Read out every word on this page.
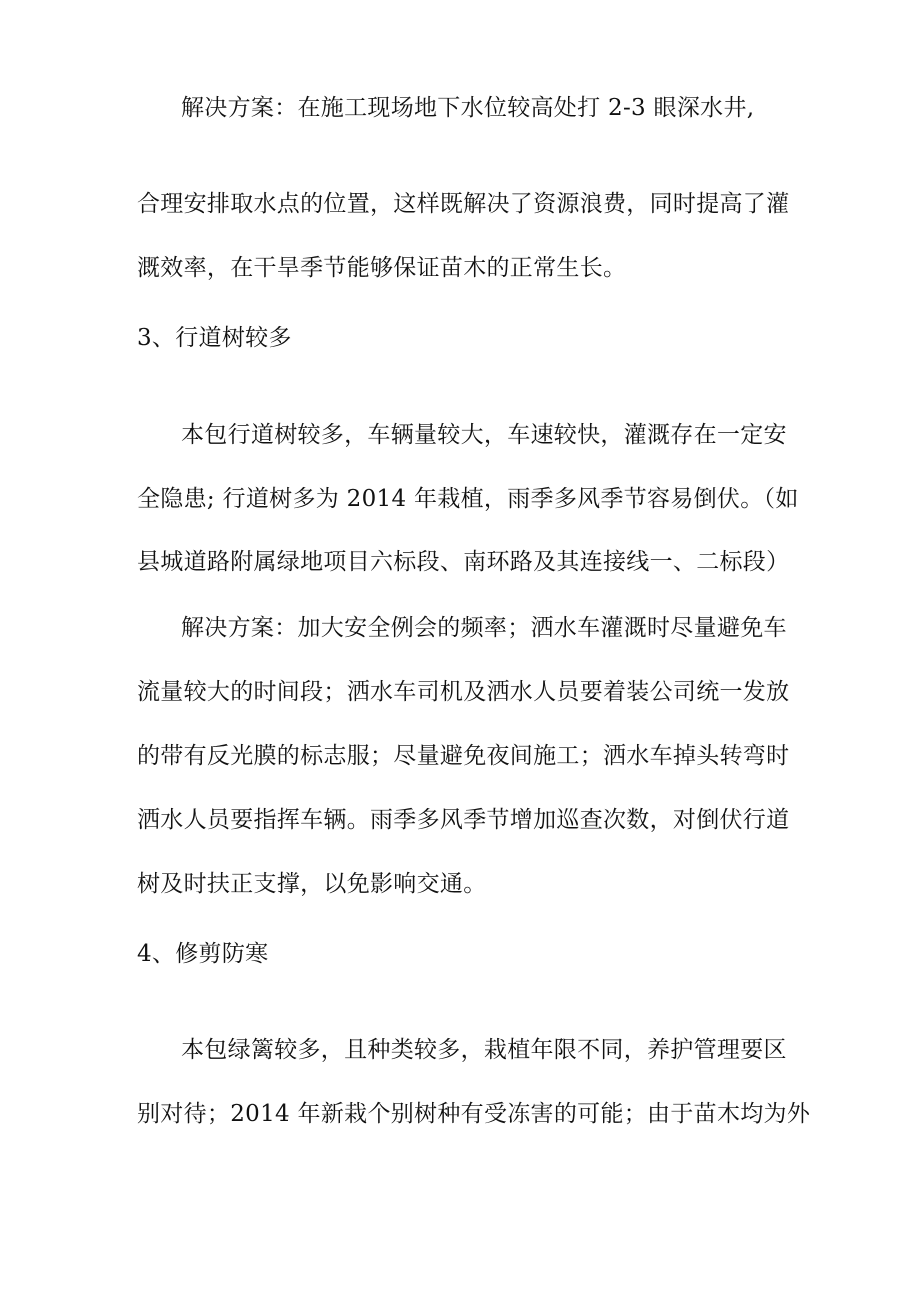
解决方案：在施工现场地下水位较高处打 2-3 眼深水井,

合理安排取水点的位置，这样既解决了资源浪费，同时提高了灌

溉效率，在干旱季节能够保证苗木的正常生长。

3、行道树较多

本包行道树较多，车辆量较大，车速较快，灌溉存在一定安

全隐患; 行道树多为 2014 年栽植，雨季多风季节容易倒伏。（如

县城道路附属绿地项目六标段、南环路及其连接线一、二标段）

解决方案：加大安全例会的频率；洒水车灌溉时尽量避免车

流量较大的时间段；洒水车司机及洒水人员要着装公司统一发放

的带有反光膜的标志服；尽量避免夜间施工；洒水车掉头转弯时

洒水人员要指挥车辆。雨季多风季节增加巡查次数，对倒伏行道

树及时扶正支撑，以免影响交通。

4、修剪防寒

本包绿篱较多，且种类较多，栽植年限不同，养护管理要区

别对待；2014 年新栽个别树种有受冻害的可能；由于苗木均为外
